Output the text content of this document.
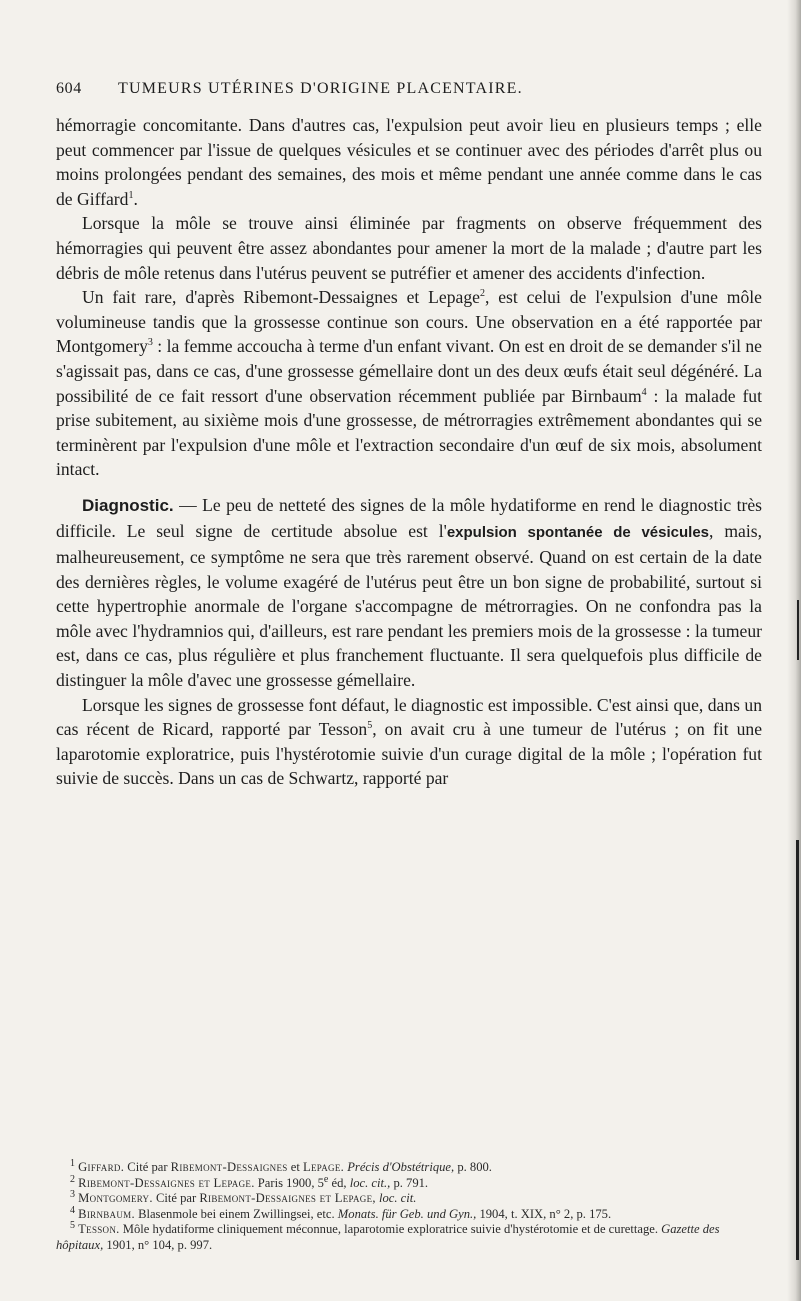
604 TUMEURS UTÉRINES D'ORIGINE PLACENTAIRE.

hémorragie concomitante. Dans d'autres cas, l'expulsion peut avoir lieu en plusieurs temps ; elle peut commencer par l'issue de quelques vésicules et se continuer avec des périodes d'arrêt plus ou moins prolongées pendant des semaines, des mois et même pendant une année comme dans le cas de Giffard$^1$.

Lorsque la môle se trouve ainsi éliminée par fragments on observe fréquemment des hémorragies qui peuvent être assez abondantes pour amener la mort de la malade ; d'autre part les débris de môle retenus dans l'utérus peuvent se putréfier et amener des accidents d'infection.

Un fait rare, d'après Ribemont-Dessaignes et Lepage$^2$, est celui de l'expulsion d'une môle volumineuse tandis que la grossesse continue son cours. Une observation en a été rapportée par Montgomery$^3$ : la femme accoucha à terme d'un enfant vivant. On est en droit de se demander s'il ne s'agissait pas, dans ce cas, d'une grossesse gémellaire dont un des deux œufs était seul dégénéré. La possibilité de ce fait ressort d'une observation récemment publiée par Birnbaum$^4$ : la malade fut prise subitement, au sixième mois d'une grossesse, de métrorragies extrêmement abondantes qui se terminèrent par l'expulsion d'une môle et l'extraction secondaire d'un œuf de six mois, absolument intact.

Diagnostic. — Le peu de netteté des signes de la môle hydatiforme en rend le diagnostic très difficile. Le seul signe de certitude absolue est l'expulsion spontanée de vésicules, mais, malheureusement, ce symptôme ne sera que très rarement observé. Quand on est certain de la date des dernières règles, le volume exagéré de l'utérus peut être un bon signe de probabilité, surtout si cette hypertrophie anormale de l'organe s'accompagne de métrorragies. On ne confondra pas la môle avec l'hydramnios qui, d'ailleurs, est rare pendant les premiers mois de la grossesse : la tumeur est, dans ce cas, plus régulière et plus franchement fluctuante. Il sera quelquefois plus difficile de distinguer la môle d'avec une grossesse gémellaire.

Lorsque les signes de grossesse font défaut, le diagnostic est impossible. C'est ainsi que, dans un cas récent de Ricard, rapporté par Tesson$^5$, on avait cru à une tumeur de l'utérus ; on fit une laparotomie exploratrice, puis l'hystérotomie suivie d'un curage digital de la môle ; l'opération fut suivie de succès. Dans un cas de Schwartz, rapporté par

$^1$ Giffard. Cité par Ribemont-Dessaignes et Lepage. Précis d'Obstétrique, p. 800.

$^2$ Ribemont-Dessaignes et Lepage. Paris 1900, 5e éd, loc. cit., p. 791.

$^3$ Montgomery. Cité par Ribemont-Dessaignes et Lepage, loc. cit.

$^4$ Birnbaum. Blasenmole bei einem Zwillingsei, etc. Monats. für Geb. und Gyn., 1904, t. XIX, n° 2, p. 175.

$^5$ Tesson. Môle hydatiforme cliniquement méconnue, laparotomie exploratrice suivie d'hystérotomie et de curettage. Gazette des hôpitaux, 1901, n° 104, p. 997.
